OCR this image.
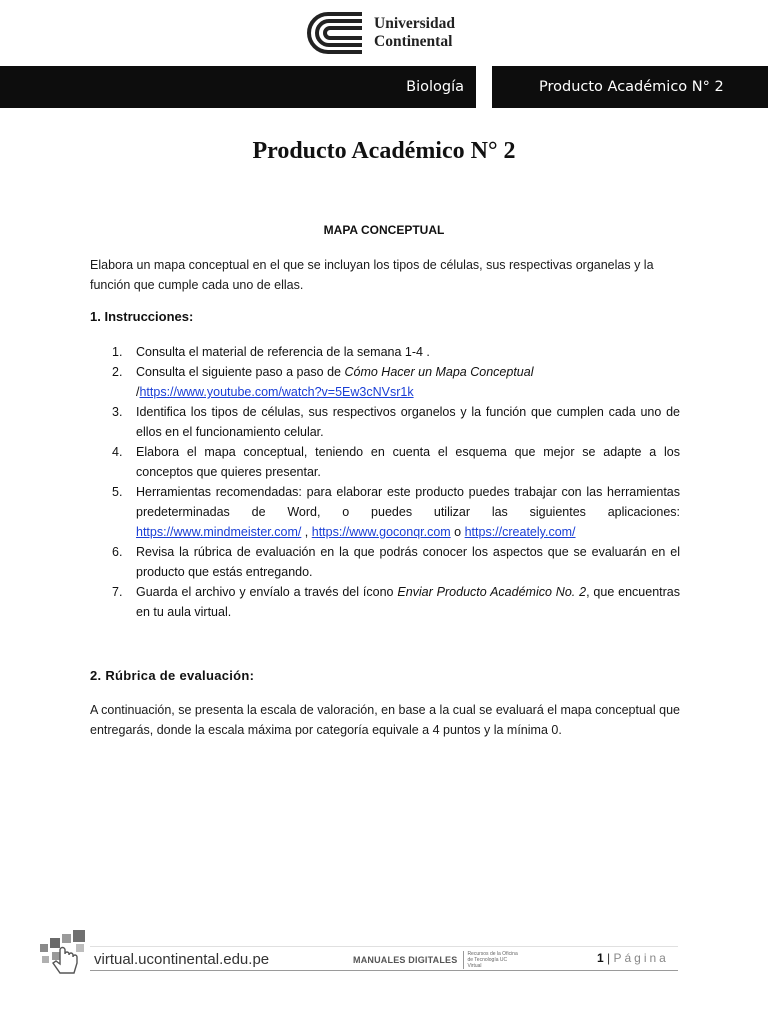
Universidad
Continental
Biología	Producto Académico N° 2
Producto Académico N° 2
MAPA CONCEPTUAL

Elabora un mapa conceptual en el que se incluyan los tipos de células, sus respectivas organelas y la función que cumple cada uno de ellas.

1. Instrucciones:
1. Consulta el material de referencia de la semana 1-4 .
2. Consulta el siguiente paso a paso de Cómo Hacer un Mapa Conceptual
/https://www.youtube.com/watch?v=5Ew3cNVsr1k
3. Identifica los tipos de células, sus respectivos organelos y la función que cumplen cada uno de ellos en el funcionamiento celular.
4. Elabora el mapa conceptual, teniendo en cuenta el esquema que mejor se adapte a los conceptos que quieres presentar.
5. Herramientas recomendadas: para elaborar este producto puedes trabajar con las herramientas predeterminadas de Word, o puedes utilizar las siguientes aplicaciones: https://www.mindmeister.com/ , https://www.goconqr.com o https://creately.com/
6. Revisa la rúbrica de evaluación en la que podrás conocer los aspectos que se evaluarán en el producto que estás entregando.
7. Guarda el archivo y envíalo a través del ícono Enviar Producto Académico No. 2, que encuentras en tu aula virtual.
2. Rúbrica de evaluación:

A continuación, se presenta la escala de valoración, en base a la cual se evaluará el mapa conceptual que entregarás, donde la escala máxima por categoría equivale a 4 puntos y la mínima 0.

virtual.ucontinental.edu.pe	MANUALES DIGITALES
Recursos de la Oficina de Tecnología UC Virtual
1 | Página
